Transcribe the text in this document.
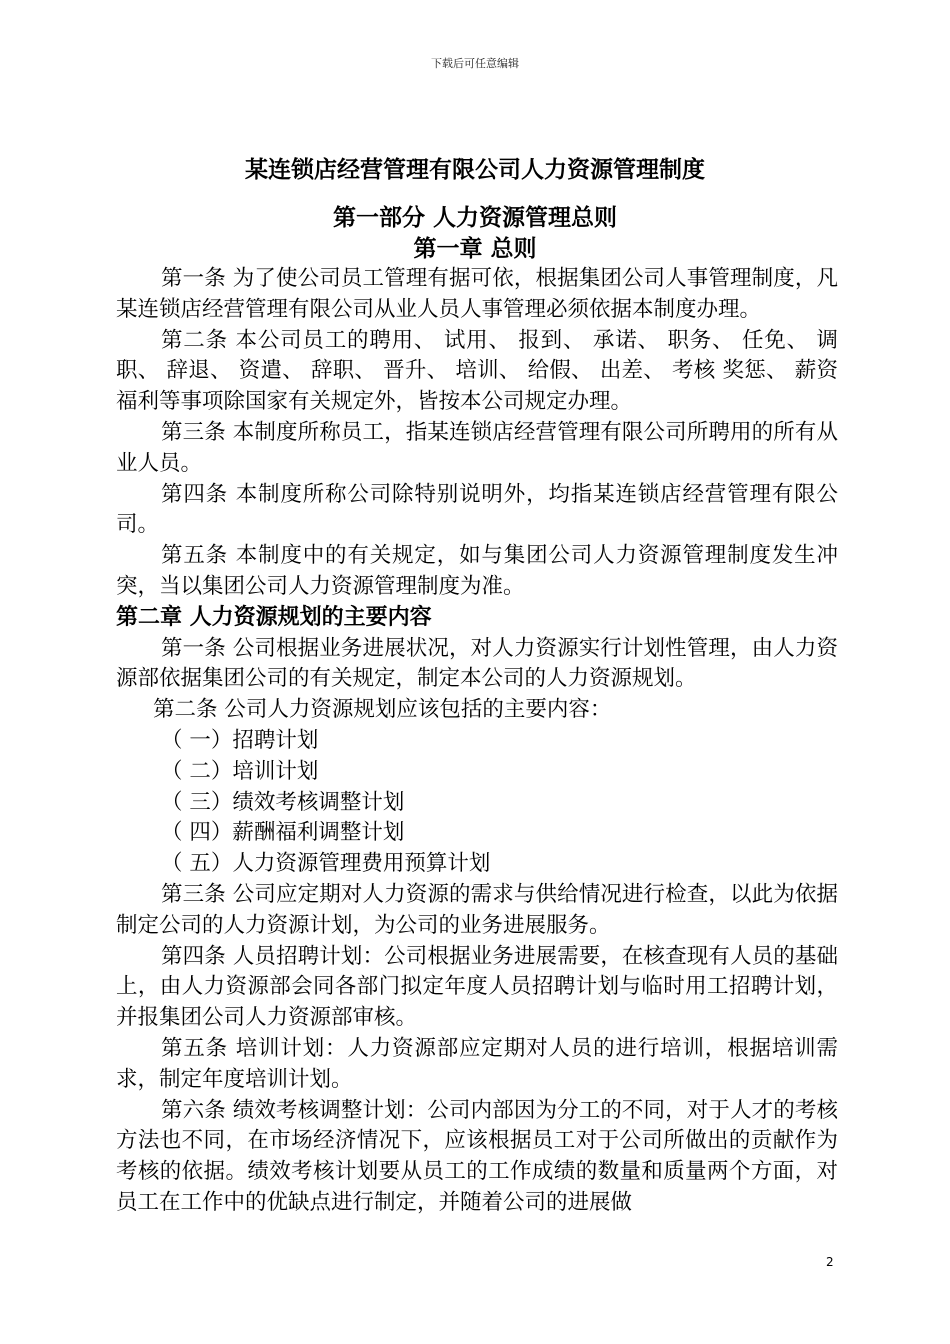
下载后可任意编辑
某连锁店经营管理有限公司人力资源管理制度
第一部分 人力资源管理总则
第一章 总则

第一条 为了使公司员工管理有据可依，根据集团公司人事管理制度，凡某连锁店经营管理有限公司从业人员人事管理必须依据本制度办理。

第二条 本公司员工的聘用、 试用、 报到、 承诺、 职务、 任免、 调职、 辞退、 资遣、 辞职、 晋升、 培训、 给假、 出差、 考核 奖惩、 薪资福利等事项除国家有关规定外，皆按本公司规定办理。

第三条 本制度所称员工，指某连锁店经营管理有限公司所聘用的所有从业人员。

第四条 本制度所称公司除特别说明外，均指某连锁店经营管理有限公司。

第五条 本制度中的有关规定，如与集团公司人力资源管理制度发生冲突，当以集团公司人力资源管理制度为准。

第二章 人力资源规划的主要内容

第一条 公司根据业务进展状况，对人力资源实行计划性管理，由人力资源部依据集团公司的有关规定，制定本公司的人力资源规划。

第二条 公司人力资源规划应该包括的主要内容：

（ 一）招聘计划

（ 二）培训计划

（ 三）绩效考核调整计划

（ 四）薪酬福利调整计划

（ 五）人力资源管理费用预算计划

第三条 公司应定期对人力资源的需求与供给情况进行检查，以此为依据制定公司的人力资源计划，为公司的业务进展服务。

第四条 人员招聘计划：公司根据业务进展需要，在核查现有人员的基础上，由人力资源部会同各部门拟定年度人员招聘计划与临时用工招聘计划，并报集团公司人力资源部审核。

第五条 培训计划：人力资源部应定期对人员的进行培训，根据培训需求，制定年度培训计划。

第六条 绩效考核调整计划：公司内部因为分工的不同，对于人才的考核方法也不同，在市场经济情况下，应该根据员工对于公司所做出的贡献作为考核的依据。绩效考核计划要从员工的工作成绩的数量和质量两个方面，对员工在工作中的优缺点进行制定，并随着公司的进展做

2
